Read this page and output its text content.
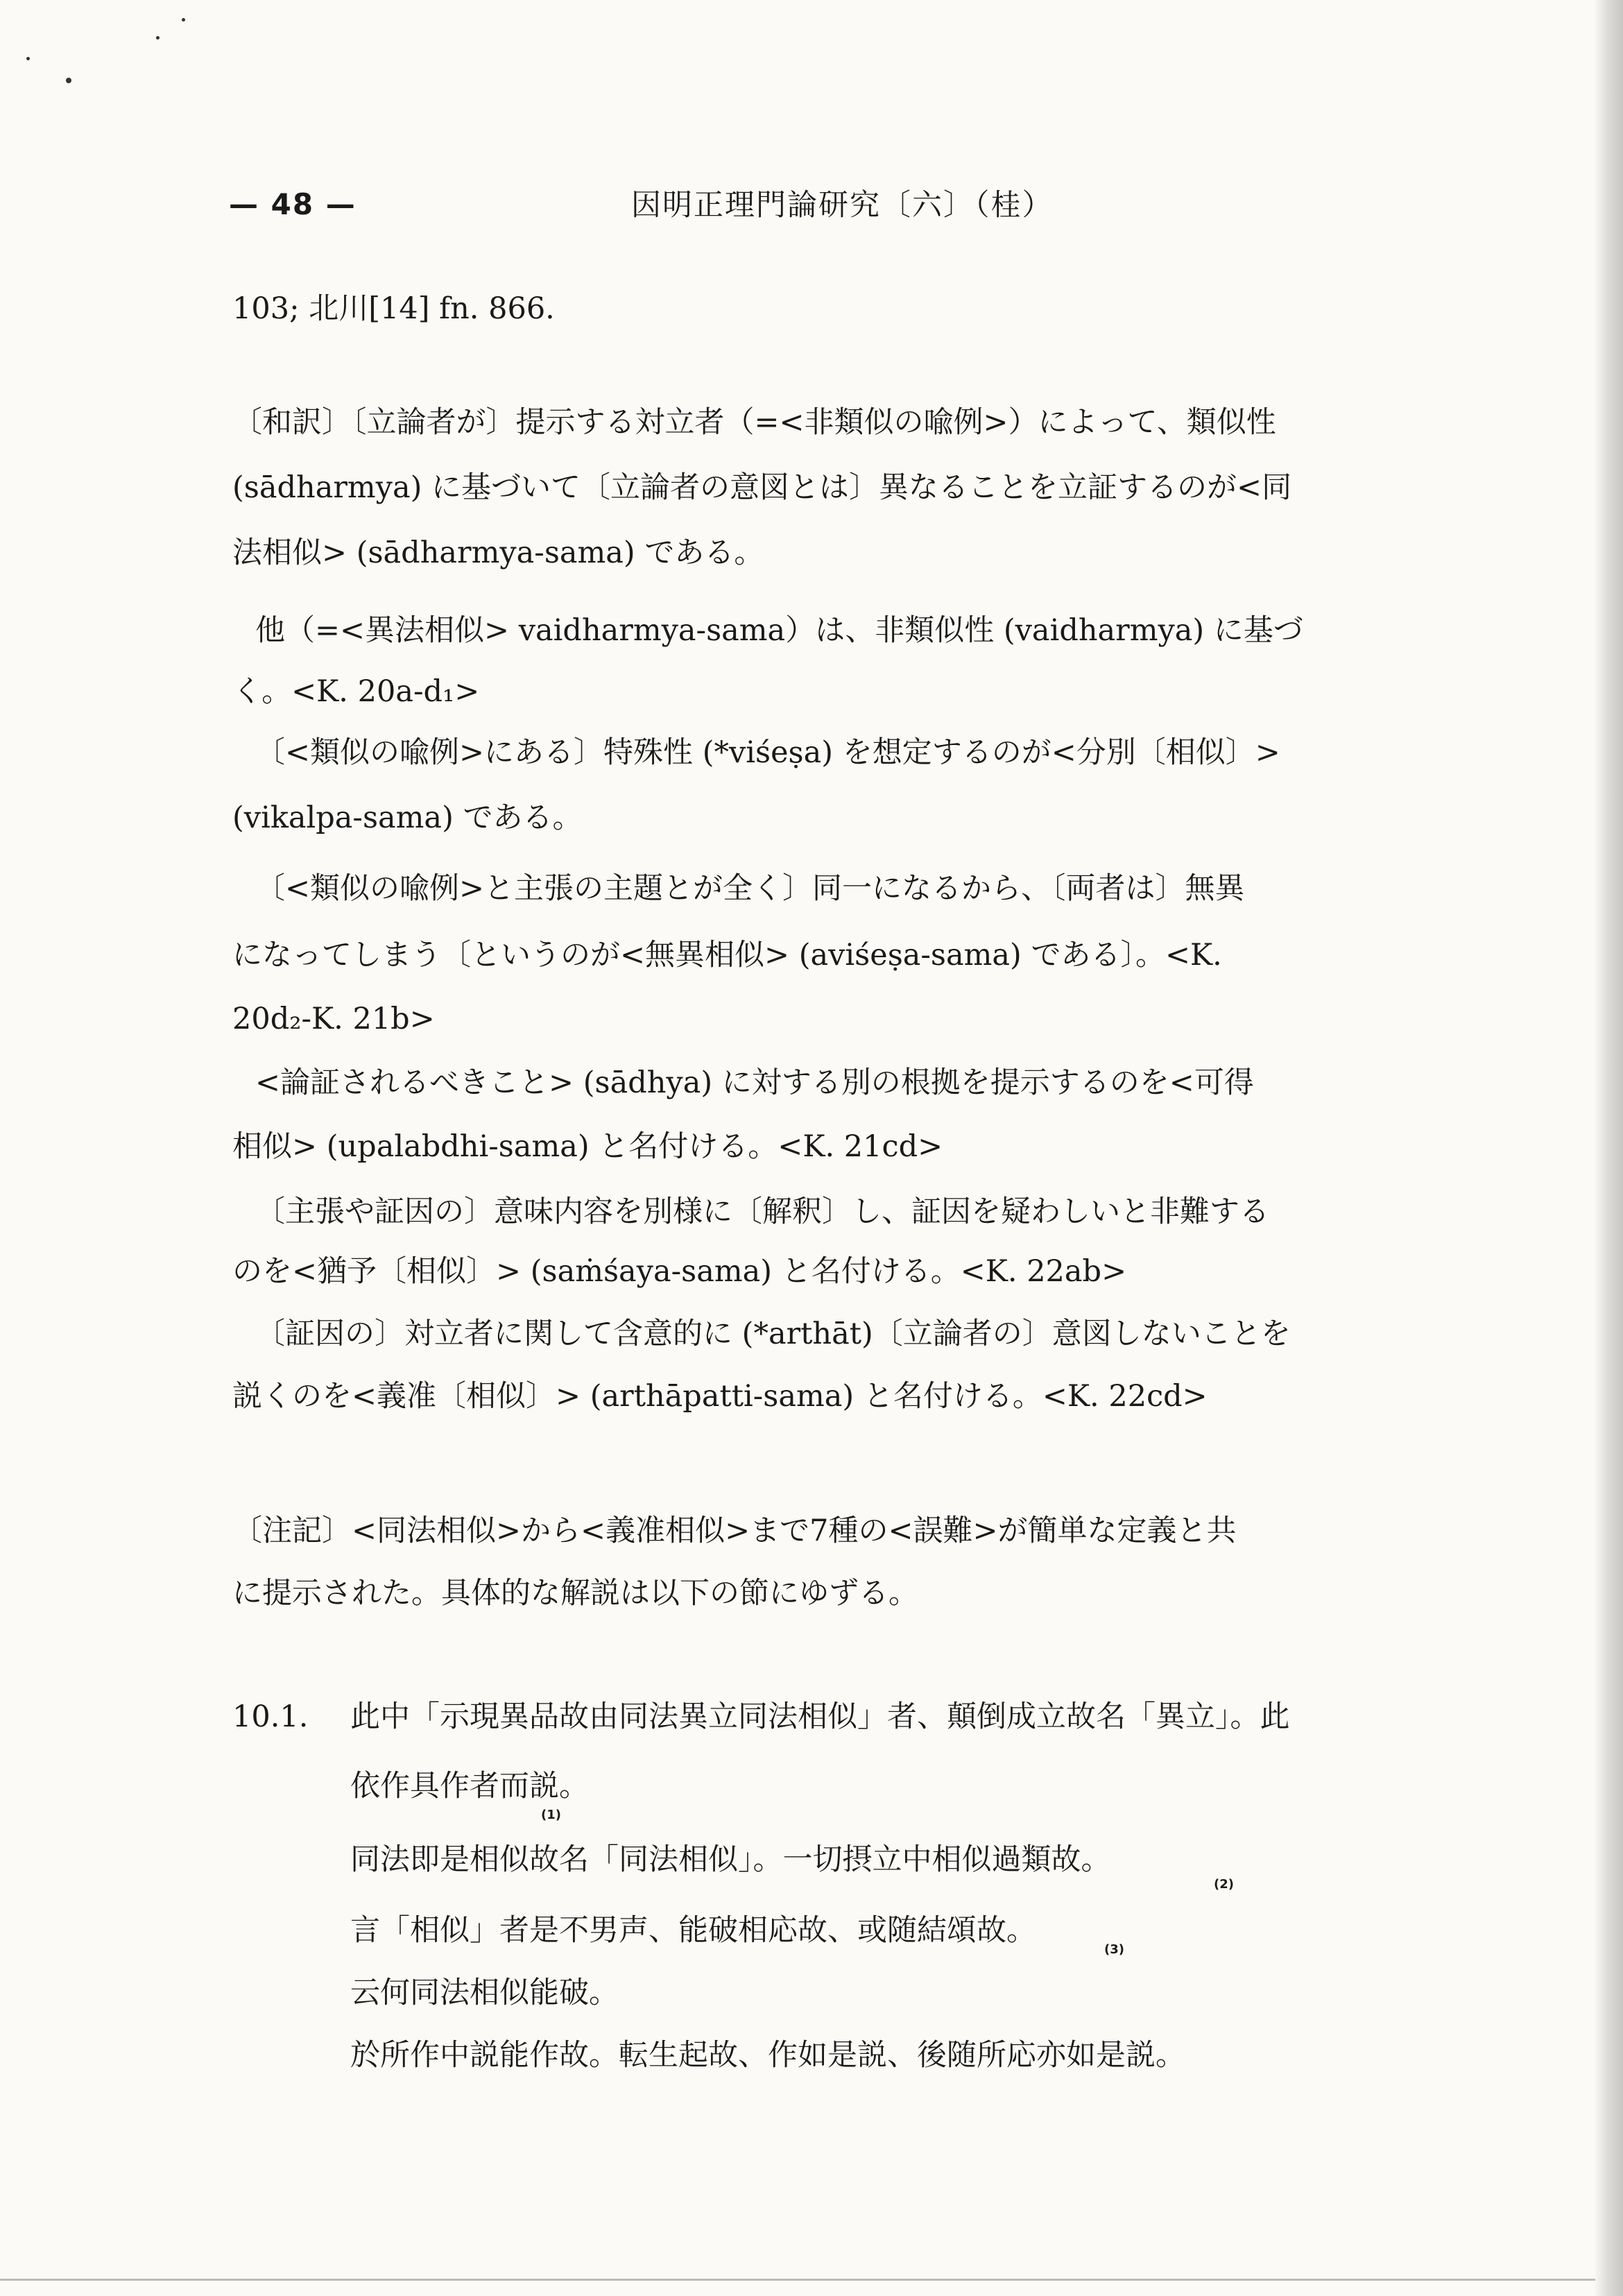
— 48 —	因明正理門論研究〔六〕（桂）
103; 北川[14] fn. 866.
〔和訳〕〔立論者が〕提示する対立者（=<非類似の喩例>）によって、類似性
(sādharmya) に基づいて〔立論者の意図とは〕異なることを立証するのが<同
法相似> (sādharmya-sama) である。
他（=<異法相似> vaidharmya-sama）は、非類似性 (vaidharmya) に基づ
く。<K. 20a-d₁>
〔<類似の喩例>にある〕特殊性 (*viśeṣa) を想定するのが<分別〔相似〕>
(vikalpa-sama) である。
〔<類似の喩例>と主張の主題とが全く〕同一になるから、〔両者は〕無異
になってしまう〔というのが<無異相似> (aviśeṣa-sama) である〕。<K.
20d₂-K. 21b>
<論証されるべきこと> (sādhya) に対する別の根拠を提示するのを<可得
相似> (upalabdhi-sama) と名付ける。<K. 21cd>
〔主張や証因の〕意味内容を別様に〔解釈〕し、証因を疑わしいと非難する
のを<猶予〔相似〕> (saṁśaya-sama) と名付ける。<K. 22ab>
〔証因の〕対立者に関して含意的に (*arthāt)〔立論者の〕意図しないことを
説くのを<義准〔相似〕> (arthāpatti-sama) と名付ける。<K. 22cd>
〔注記〕<同法相似>から<義准相似>まで7種の<誤難>が簡単な定義と共
に提示された。具体的な解説は以下の節にゆずる。
10.1. 此中「示現異品故由同法異立同法相似」者、顛倒成立故名「異立」。此
依作具作者而説。
同法即是相似故名「同法相似」。一切摂立中相似過類故。
言「相似」者是不男声、能破相応故、或随結頌故。
云何同法相似能破。
於所作中説能作故。転生起故、作如是説、後随所応亦如是説。
(1)
(2)
(3)
